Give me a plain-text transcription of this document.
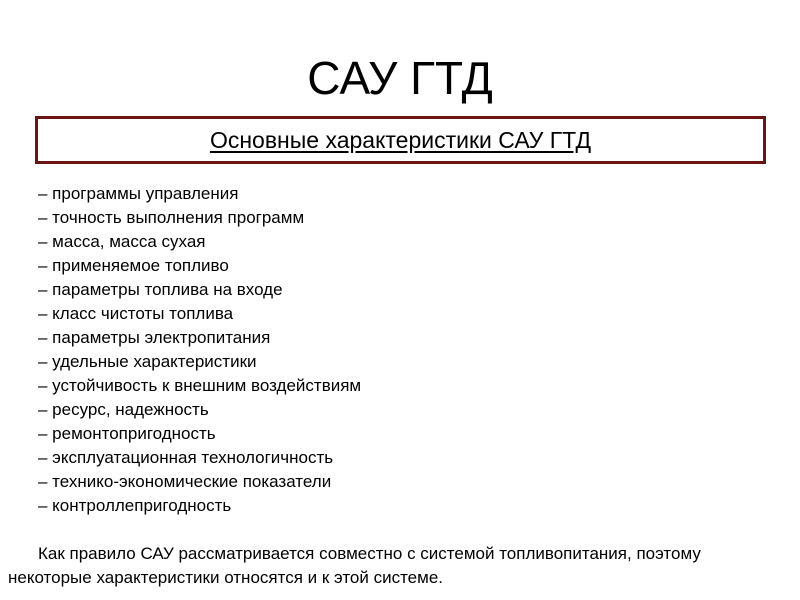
САУ ГТД
Основные характеристики САУ ГТД
– программы управления
– точность выполнения программ
– масса, масса сухая
– применяемое топливо
– параметры топлива на входе
– класс чистоты топлива
– параметры электропитания
– удельные характеристики
– устойчивость к внешним воздействиям
– ресурс, надежность
– ремонтопригодность
– эксплуатационная технологичность
– технико-экономические показатели
– контроллепригодность

Как правило САУ рассматривается совместно с системой топливопитания, поэтому некоторые характеристики относятся и к этой системе.
